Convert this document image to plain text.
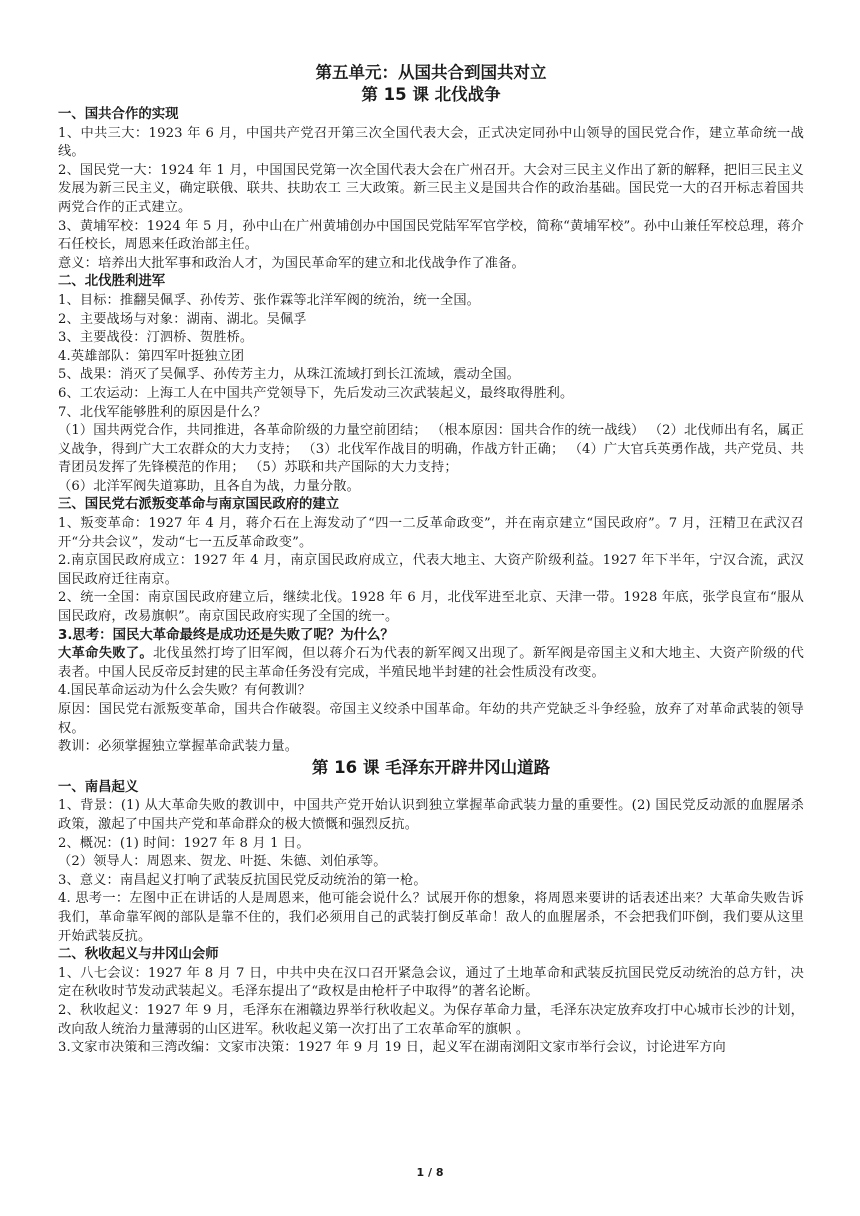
第五单元：从国共合到国共对立

第 15 课 北伐战争

一、国共合作的实现

1、中共三大：1923 年 6 月，中国共产党召开第三次全国代表大会，正式决定同孙中山领导的国民党合作，建立革命统一战线。

2、国民党一大：1924 年 1 月，中国国民党第一次全国代表大会在广州召开。大会对三民主义作出了新的解释，把旧三民主义发展为新三民主义，确定联俄、联共、扶助农工 三大政策。新三民主义是国共合作的政治基础。国民党一大的召开标志着国共两党合作的正式建立。

3、黄埔军校：1924 年 5 月，孙中山在广州黄埔创办中国国民党陆军军官学校，简称“黄埔军校”。孙中山兼任军校总理，蒋介石任校长，周恩来任政治部主任。

意义：培养出大批军事和政治人才，为国民革命军的建立和北伐战争作了准备。

二、北伐胜利进军

1、目标：推翻吴佩孚、孙传芳、张作霖等北洋军阀的统治，统一全国。

2、主要战场与对象：湖南、湖北。吴佩孚

3、主要战役：汀泗桥、贺胜桥。

4.英雄部队：第四军叶挺独立团

5、战果：消灭了吴佩孚、孙传芳主力，从珠江流域打到长江流域，震动全国。

6、工农运动：上海工人在中国共产党领导下，先后发动三次武装起义，最终取得胜利。

7、北伐军能够胜利的原因是什么？

（1）国共两党合作，共同推进，各革命阶级的力量空前团结； （根本原因：国共合作的统一战线） （2）北伐师出有名，属正义战争，得到广大工农群众的大力支持； （3）北伐军作战目的明确，作战方针正确； （4）广大官兵英勇作战，共产党员、共青团员发挥了先锋模范的作用； （5）苏联和共产国际的大力支持；

（6）北洋军阀失道寡助，且各自为战，力量分散。

三、国民党右派叛变革命与南京国民政府的建立

1、叛变革命：1927 年 4 月，蒋介石在上海发动了“四一二反革命政变”，并在南京建立“国民政府”。7 月，汪精卫在武汉召开“分共会议”，发动“七一五反革命政变”。

2.南京国民政府成立：1927 年 4 月，南京国民政府成立，代表大地主、大资产阶级利益。1927 年下半年，宁汉合流，武汉国民政府迁往南京。

2、统一全国：南京国民政府建立后，继续北伐。1928 年 6 月，北伐军进至北京、天津一带。1928 年底，张学良宣布“服从国民政府，改易旗帜”。南京国民政府实现了全国的统一。

3.思考：国民大革命最终是成功还是失败了呢？为什么？

大革命失败了。北伐虽然打垮了旧军阀，但以蒋介石为代表的新军阀又出现了。新军阀是帝国主义和大地主、大资产阶级的代表者。中国人民反帝反封建的民主革命任务没有完成，半殖民地半封建的社会性质没有改变。

4.国民革命运动为什么会失败？有何教训？

原因：国民党右派叛变革命，国共合作破裂。帝国主义绞杀中国革命。年幼的共产党缺乏斗争经验，放弃了对革命武装的领导权。

教训：必须掌握独立掌握革命武装力量。

第 16 课 毛泽东开辟井冈山道路

一、南昌起义

1、背景：(1) 从大革命失败的教训中，中国共产党开始认识到独立掌握革命武装力量的重要性。(2) 国民党反动派的血腥屠杀政策，激起了中国共产党和革命群众的极大愤慨和强烈反抗。

2、概况：(1) 时间：1927 年 8 月 1 日。

（2）领导人：周恩来、贺龙、叶挺、朱德、刘伯承等。

3、意义：南昌起义打响了武装反抗国民党反动统治的第一枪。

4. 思考一：左图中正在讲话的人是周恩来，他可能会说什么？试展开你的想象，将周恩来要讲的话表述出来？大革命失败告诉我们，革命靠军阀的部队是靠不住的，我们必须用自己的武装打倒反革命！敌人的血腥屠杀，不会把我们吓倒，我们要从这里开始武装反抗。

二、秋收起义与井冈山会师

1、八七会议：1927 年 8 月 7 日，中共中央在汉口召开紧急会议，通过了土地革命和武装反抗国民党反动统治的总方针，决定在秋收时节发动武装起义。毛泽东提出了“政权是由枪杆子中取得”的著名论断。

2、秋收起义：1927 年 9 月，毛泽东在湘赣边界举行秋收起义。为保存革命力量，毛泽东决定放弃攻打中心城市长沙的计划，改向敌人统治力量薄弱的山区进军。秋收起义第一次打出了工农革命军的旗帜 。

3.文家市决策和三湾改编：文家市决策：1927 年 9 月 19 日，起义军在湖南浏阳文家市举行会议，讨论进军方向

1 / 8
